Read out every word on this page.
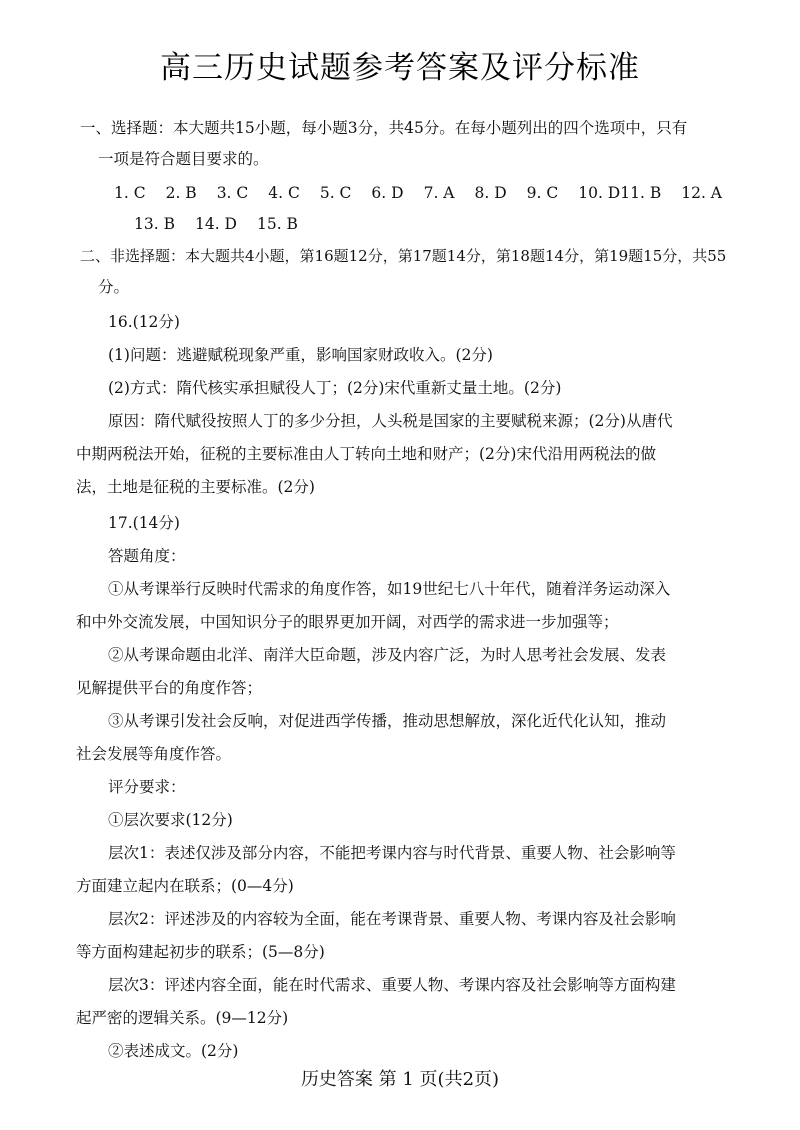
高三历史试题参考答案及评分标准
一、选择题：本大题共15小题，每小题3分，共45分。在每小题列出的四个选项中，只有
一项是符合题目要求的。
1. C 2. B 3. C 4. C 5. C 6. D 7. A 8. D 9. C 10. D11. B 12. A
13. B 14. D 15. B
二、非选择题：本大题共4小题，第16题12分，第17题14分，第18题14分，第19题15分，共55
分。
16.(12分)
(1)问题：逃避赋税现象严重，影响国家财政收入。(2分)
(2)方式：隋代核实承担赋役人丁；(2分)宋代重新丈量土地。(2分)
原因：隋代赋役按照人丁的多少分担，人头税是国家的主要赋税来源；(2分)从唐代
中期两税法开始，征税的主要标准由人丁转向土地和财产；(2分)宋代沿用两税法的做
法，土地是征税的主要标准。(2分)
17.(14分)
答题角度：
①从考课举行反映时代需求的角度作答，如19世纪七八十年代，随着洋务运动深入
和中外交流发展，中国知识分子的眼界更加开阔，对西学的需求进一步加强等；
②从考课命题由北洋、南洋大臣命题，涉及内容广泛，为时人思考社会发展、发表
见解提供平台的角度作答；
③从考课引发社会反响，对促进西学传播，推动思想解放，深化近代化认知，推动
社会发展等角度作答。
评分要求：
①层次要求(12分)
层次1：表述仅涉及部分内容，不能把考课内容与时代背景、重要人物、社会影响等
方面建立起内在联系；(0—4分)
层次2：评述涉及的内容较为全面，能在考课背景、重要人物、考课内容及社会影响
等方面构建起初步的联系；(5—8分)
层次3：评述内容全面，能在时代需求、重要人物、考课内容及社会影响等方面构建
起严密的逻辑关系。(9—12分)
②表述成文。(2分)
历史答案 第 1 页(共2页)
